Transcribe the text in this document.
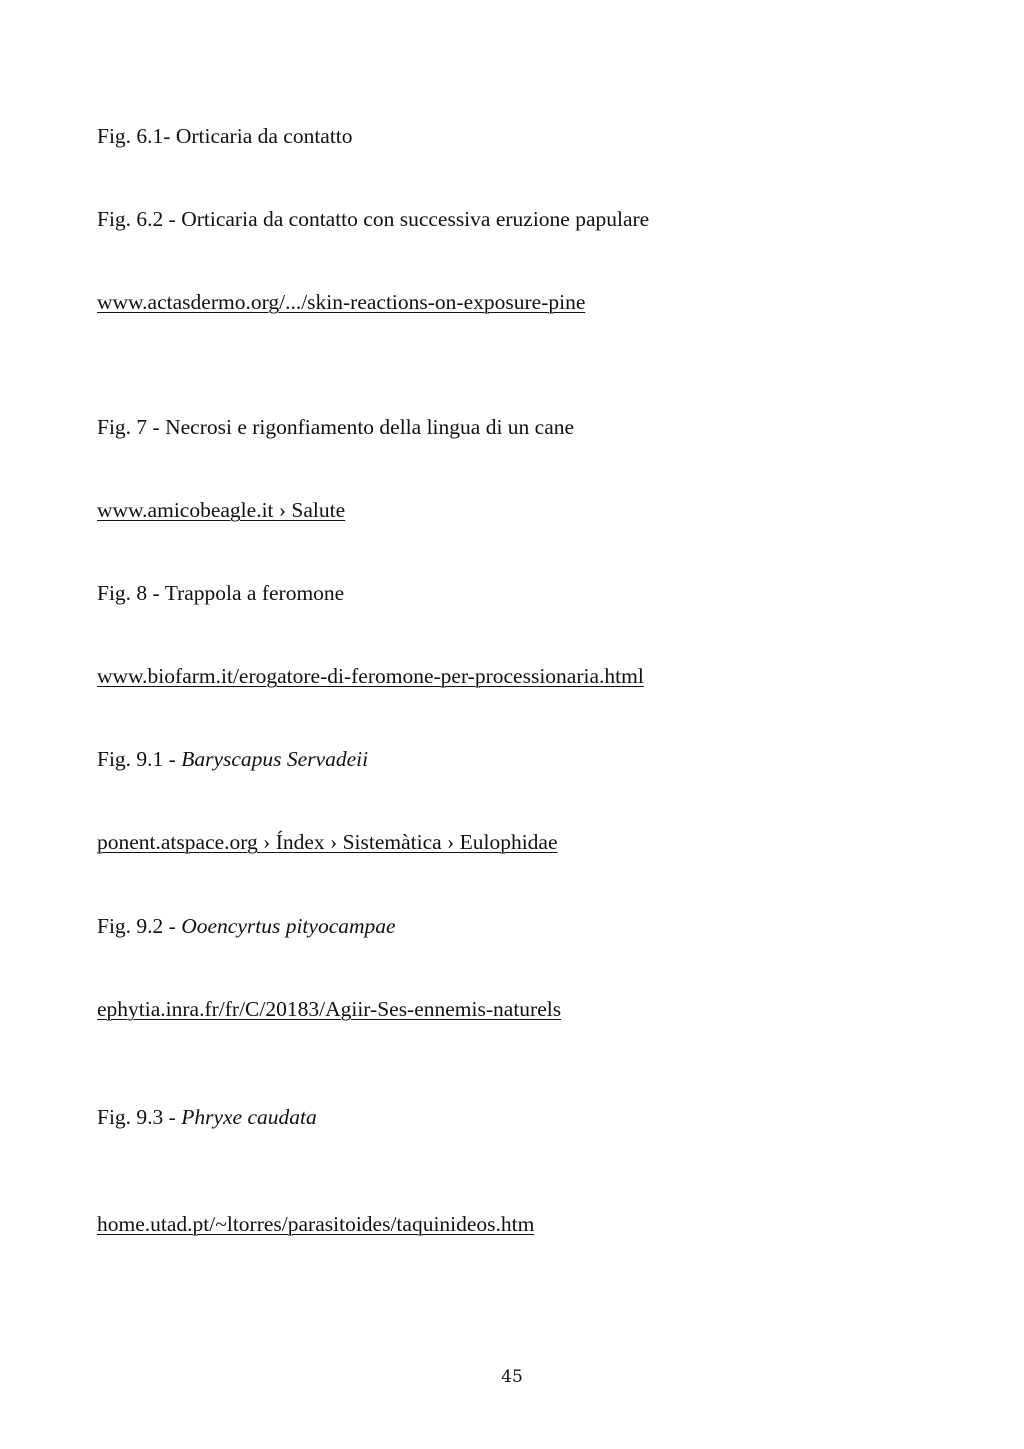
Fig. 6.1- Orticaria da contatto
Fig. 6.2 - Orticaria da contatto con successiva eruzione papulare
www.actasdermo.org/.../skin-reactions-on-exposure-pine
Fig. 7 - Necrosi e rigonfiamento della lingua di un cane
www.amicobeagle.it › Salute
Fig. 8 - Trappola a feromone
www.biofarm.it/erogatore-di-feromone-per-processionaria.html
Fig. 9.1 - Baryscapus Servadeii
ponent.atspace.org › Índex › Sistemàtica › Eulophidae
Fig. 9.2 - Ooencyrtus pityocampae
ephytia.inra.fr/fr/C/20183/Agiir-Ses-ennemis-naturels
Fig. 9.3 - Phryxe caudata
home.utad.pt/~ltorres/parasitoides/taquinideos.htm
45
